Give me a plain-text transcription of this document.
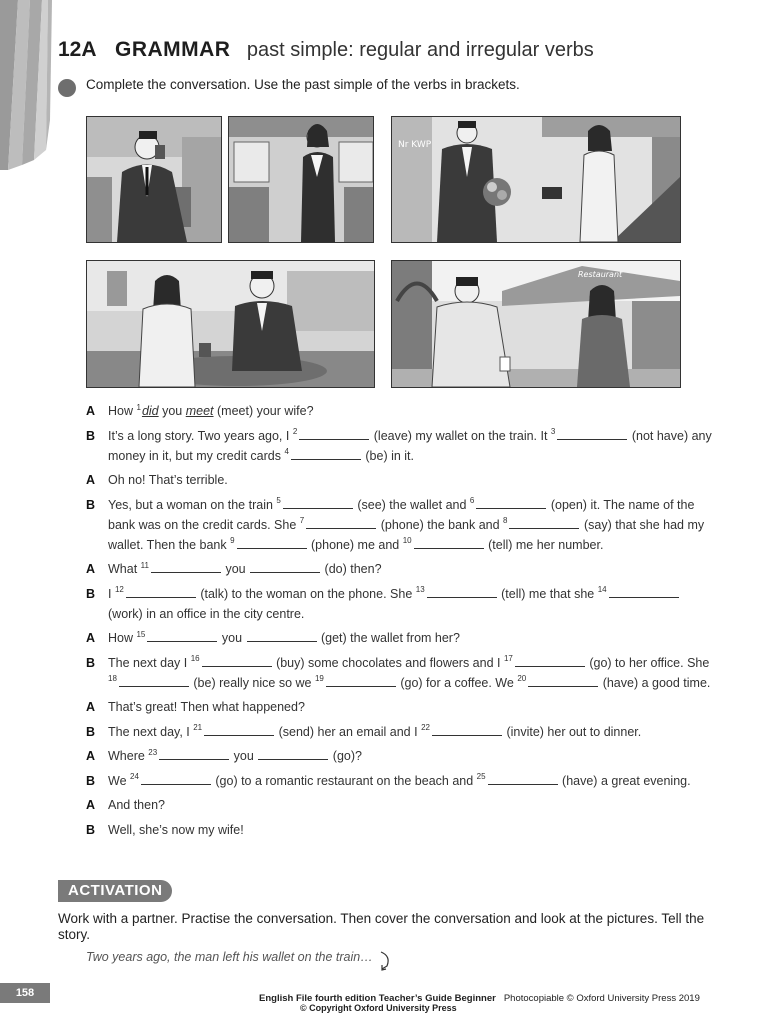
12A GRAMMAR past simple: regular and irregular verbs
Complete the conversation. Use the past simple of the verbs in brackets.
Nr KWP
Restaurant
A	How $^1$did you meet (meet) your wife?
B	It’s a long story. Two years ago, I $^2$	(leave) my wallet on the train. It $^3$	(not have) any money in it, but my credit cards $^4$	(be) in it.
A	Oh no! That’s terrible.
B	Yes, but a woman on the train $^5$	(see) the wallet and $^6$	(open) it. The name of the bank was on the credit cards. She $^7$	(phone) the bank and $^8$	(say) that she had my wallet. Then the bank $^9$	(phone) me and $^{10}$	(tell) me her number.
A	What $^{11}$	you	(do) then?
B	I $^{12}$	(talk) to the woman on the phone. She $^{13}$	(tell) me that she $^{14}$ (work) in an office in the city centre.
A	How $^{15}$	you	(get) the wallet from her?
B	The next day I $^{16}$	(buy) some chocolates and flowers and I $^{17}$	(go) to her office. She $^{18}$	(be) really nice so we $^{19}$	(go) for a coffee. We $^{20}$	(have) a good time.
A	That’s great! Then what happened?
B	The next day, I $^{21}$	(send) her an email and I $^{22}$	(invite) her out to dinner.
A	Where $^{23}$	you	(go)?
B	We $^{24}$	(go) to a romantic restaurant on the beach and $^{25}$	(have) a great evening.
A	And then?
B	Well, she’s now my wife!
ACTIVATION
Work with a partner. Practise the conversation. Then cover the conversation and look at the pictures. Tell the story.
Two years ago, the man left his wallet on the train…
158	English File fourth edition Teacher’s Guide Beginner Photocopiable © Oxford University Press 2019
© Copyright Oxford University Press
